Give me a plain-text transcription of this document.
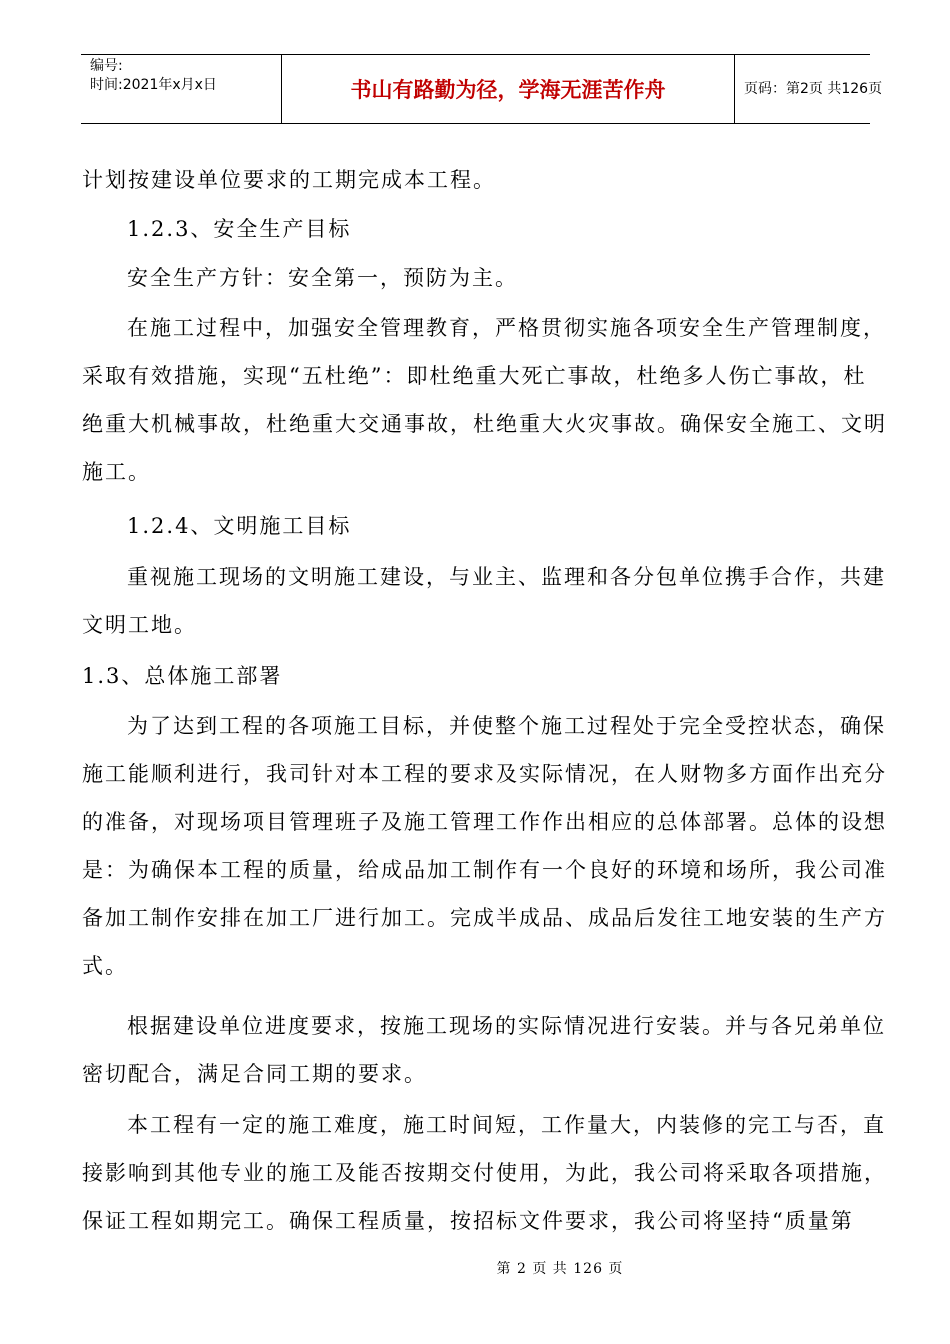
编号:
时间:2021年x月x日	书山有路勤为径，学海无涯苦作舟	页码：第2页 共126页
计划按建设单位要求的工期完成本工程。
1.2.3、安全生产目标
安全生产方针：安全第一，预防为主。
在施工过程中，加强安全管理教育，严格贯彻实施各项安全生产管理制度，
采取有效措施，实现“五杜绝”：即杜绝重大死亡事故，杜绝多人伤亡事故，杜
绝重大机械事故，杜绝重大交通事故，杜绝重大火灾事故。确保安全施工、文明
施工。
1.2.4、文明施工目标
重视施工现场的文明施工建设，与业主、监理和各分包单位携手合作，共建
文明工地。
1.3、总体施工部署
为了达到工程的各项施工目标，并使整个施工过程处于完全受控状态，确保
施工能顺利进行，我司针对本工程的要求及实际情况，在人财物多方面作出充分
的准备，对现场项目管理班子及施工管理工作作出相应的总体部署。总体的设想
是：为确保本工程的质量，给成品加工制作有一个良好的环境和场所，我公司准
备加工制作安排在加工厂进行加工。完成半成品、成品后发往工地安装的生产方
式。
根据建设单位进度要求，按施工现场的实际情况进行安装。并与各兄弟单位
密切配合，满足合同工期的要求。
本工程有一定的施工难度，施工时间短，工作量大，内装修的完工与否，直
接影响到其他专业的施工及能否按期交付使用，为此，我公司将采取各项措施，
保证工程如期完工。确保工程质量，按招标文件要求，我公司将坚持“质量第
第 2 页 共 126 页
